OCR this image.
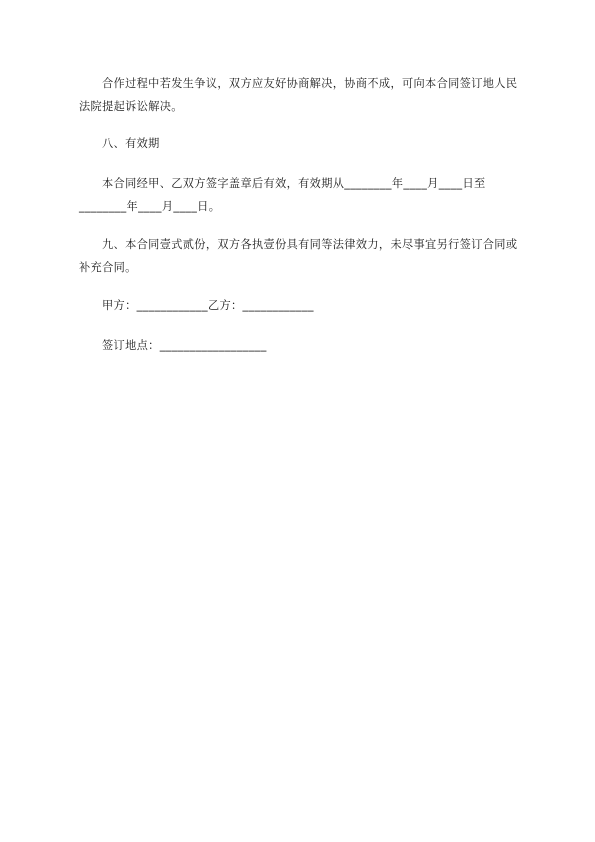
合作过程中若发生争议，双方应友好协商解决，协商不成，可向本合同签订地人民法院提起诉讼解决。
八、有效期
本合同经甲、乙双方签字盖章后有效，有效期从________年____月____日至________年____月____日。
九、本合同壹式贰份，双方各执壹份具有同等法律效力，未尽事宜另行签订合同或补充合同。
甲方：____________乙方：____________
签订地点：__________________
